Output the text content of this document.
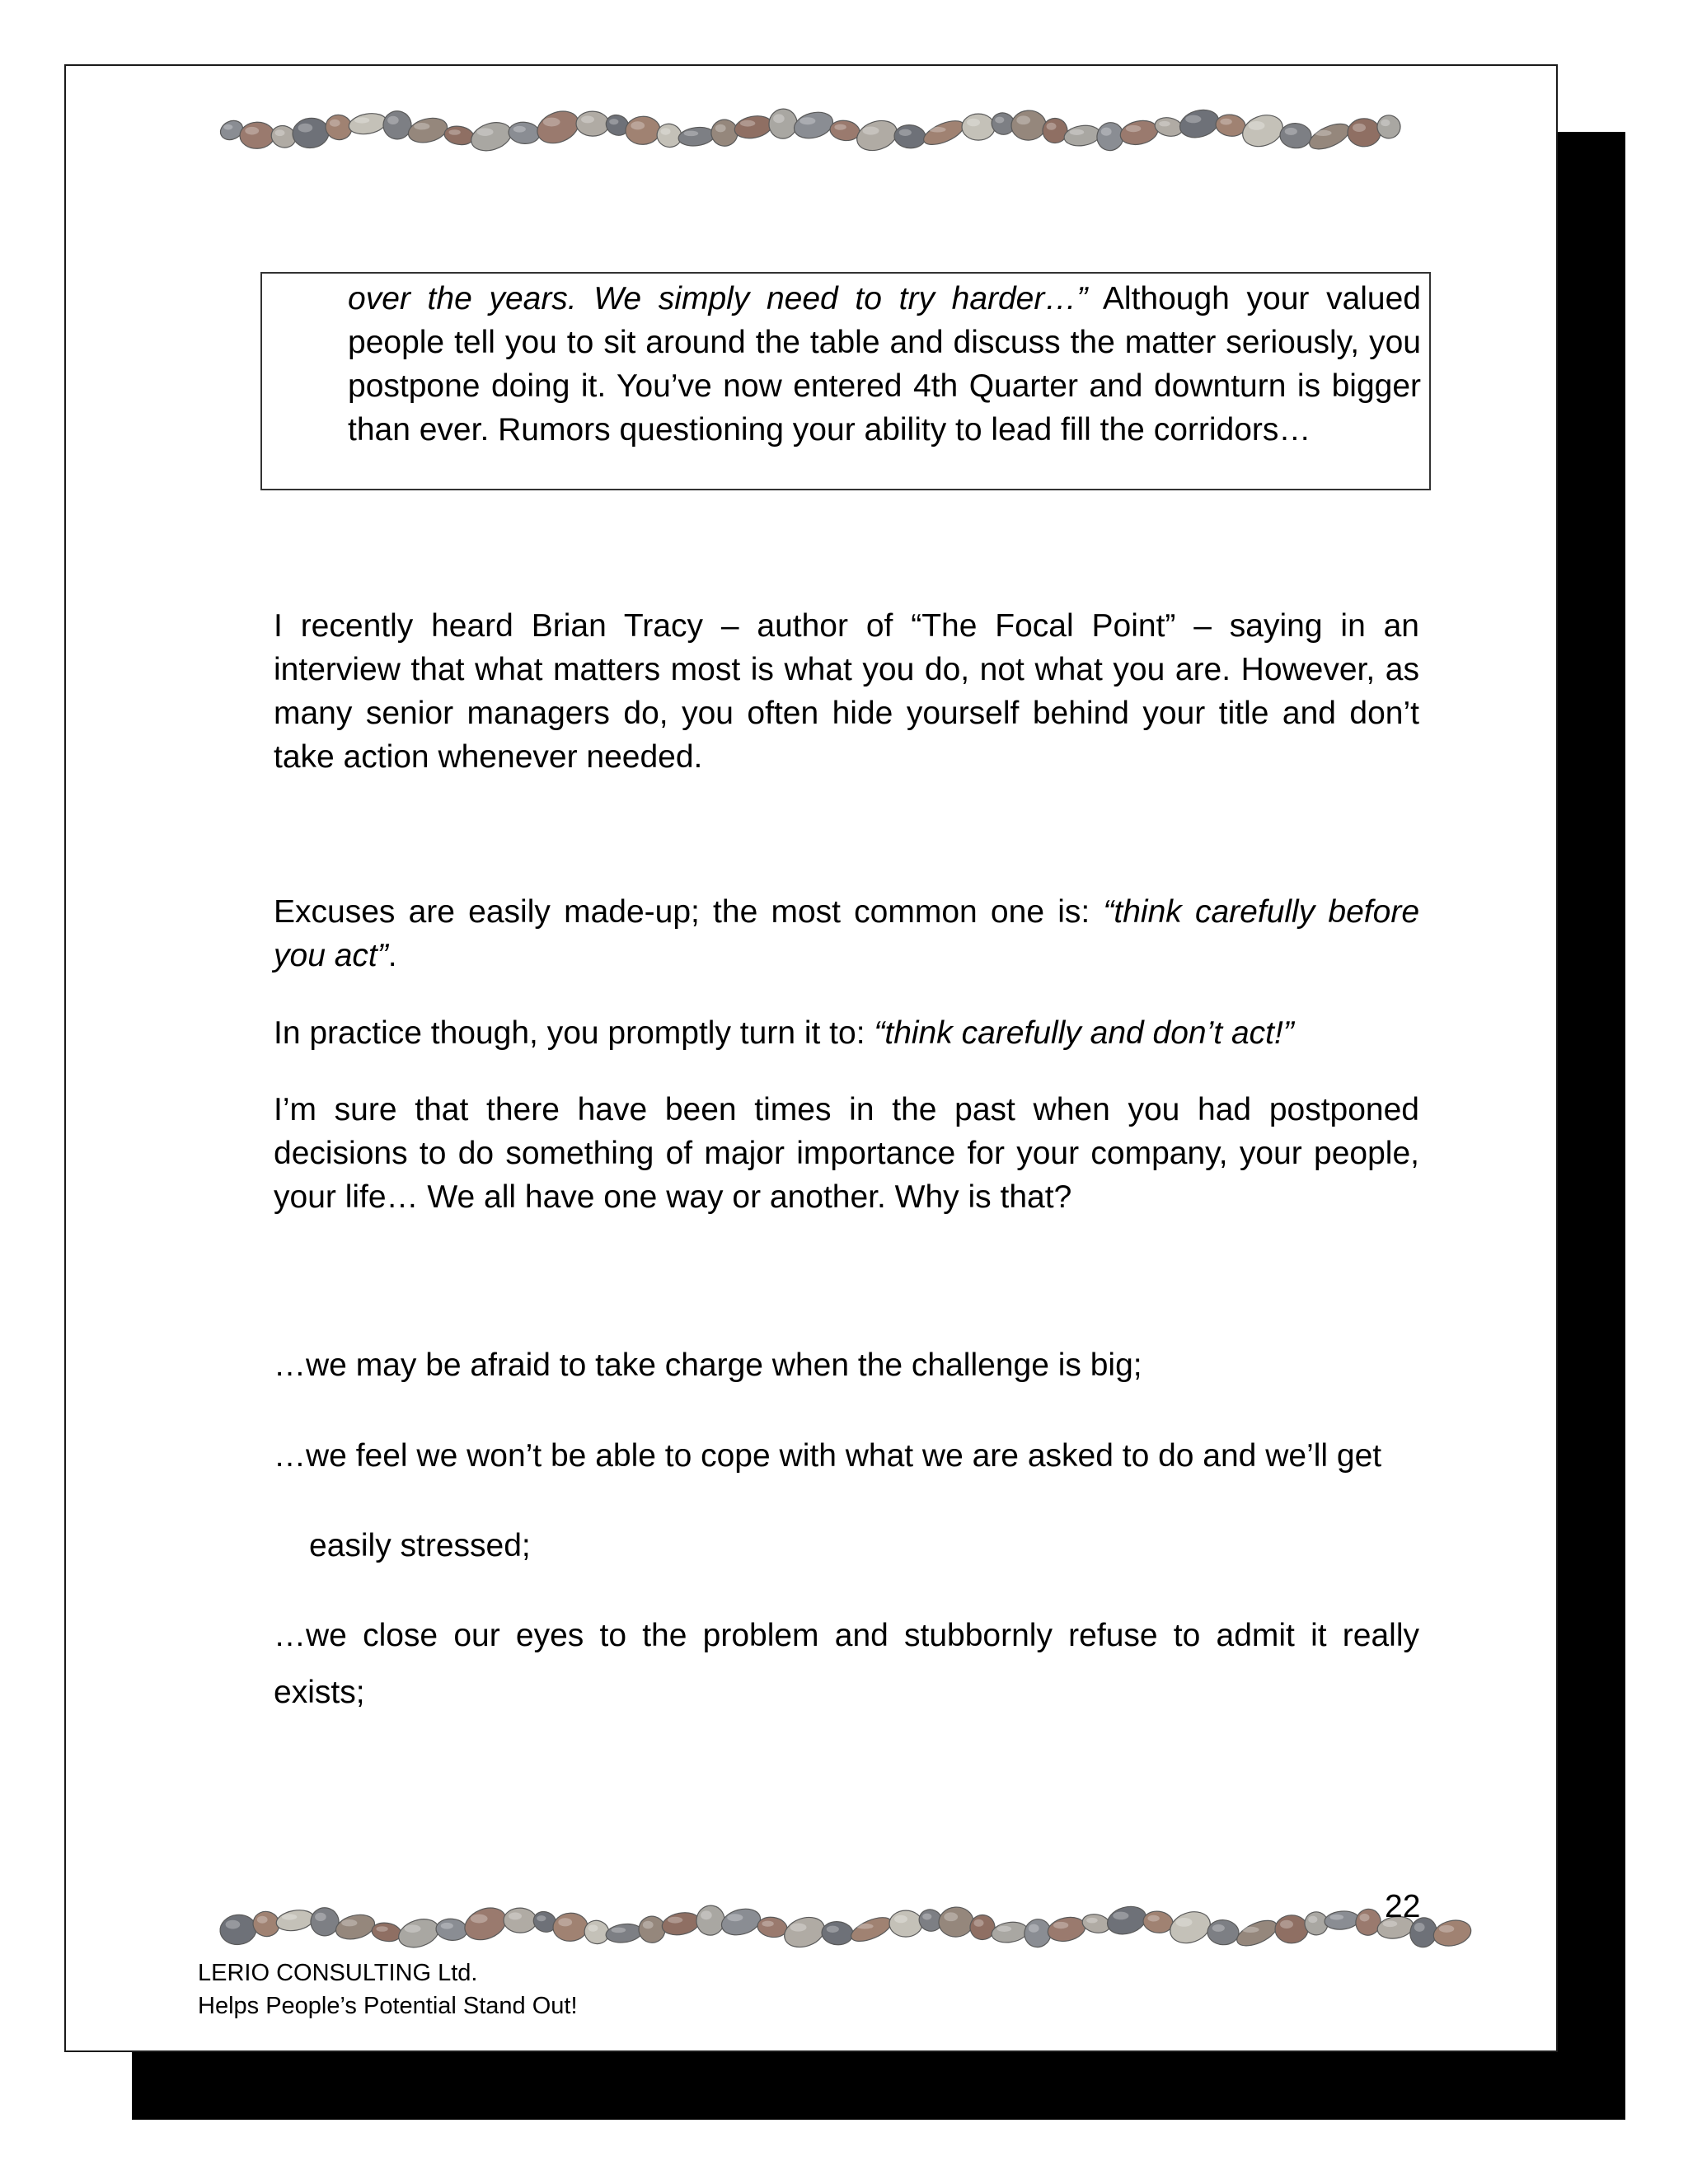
over the years. We simply need to try harder…” Although your valued people tell you to sit around the table and discuss the matter seriously, you postpone doing it. You’ve now entered 4th Quarter and downturn is bigger than ever. Rumors questioning your ability to lead fill the corridors…

I recently heard Brian Tracy – author of “The Focal Point” – saying in an interview that what matters most is what you do, not what you are. However, as many senior managers do, you often hide yourself behind your title and don’t take action whenever needed.

Excuses are easily made-up; the most common one is: “think carefully before you act”.

In practice though, you promptly turn it to: “think carefully and don’t act!”

I’m sure that there have been times in the past when you had postponed decisions to do something of major importance for your company, your people, your life… We all have one way or another. Why is that?

…we may be afraid to take charge when the challenge is big;

…we feel we won’t be able to cope with what we are asked to do and we’ll get

easily stressed;

…we close our eyes to the problem and stubbornly refuse to admit it really

exists;

22
LERIO CONSULTING Ltd.
Helps People’s Potential Stand Out!
